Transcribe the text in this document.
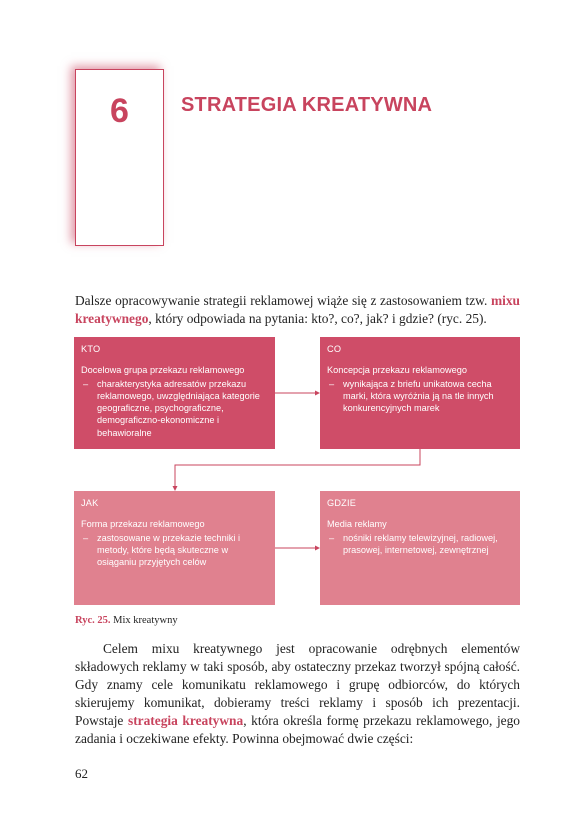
6	STRATEGIA KREATYWNA

Dalsze opracowywanie strategii reklamowej wiąże się z zastosowaniem tzw. mixu kreatywnego, który odpowiada na pytania: kto?, co?, jak? i gdzie? (ryc. 25).

KTO
Docelowa grupa przekazu reklamowego
– charakterystyka adresatów przekazu reklamowego, uwzględniająca kategorie geograficzne, psychograficzne, demograficzno-ekonomiczne i behawioralne
CO
Koncepcja przekazu reklamowego
– wynikająca z briefu unikatowa cecha marki, która wyróżnia ją na tle innych konkurencyjnych marek
JAK
Forma przekazu reklamowego
– zastosowane w przekazie techniki i metody, które będą skuteczne w osiąganiu przyjętych celów
GDZIE
Media reklamy
– nośniki reklamy telewizyjnej, radiowej, prasowej, internetowej, zewnętrznej
Ryc. 25. Mix kreatywny

Celem mixu kreatywnego jest opracowanie odrębnych elementów składowych reklamy w taki sposób, aby ostateczny przekaz tworzył spójną całość. Gdy znamy cele komunikatu reklamowego i grupę odbiorców, do których skierujemy komunikat, dobieramy treści reklamy i sposób ich prezentacji. Powstaje strategia kreatywna, która określa formę przekazu reklamowego, jego zadania i oczekiwane efekty. Powinna obejmować dwie części:

62
